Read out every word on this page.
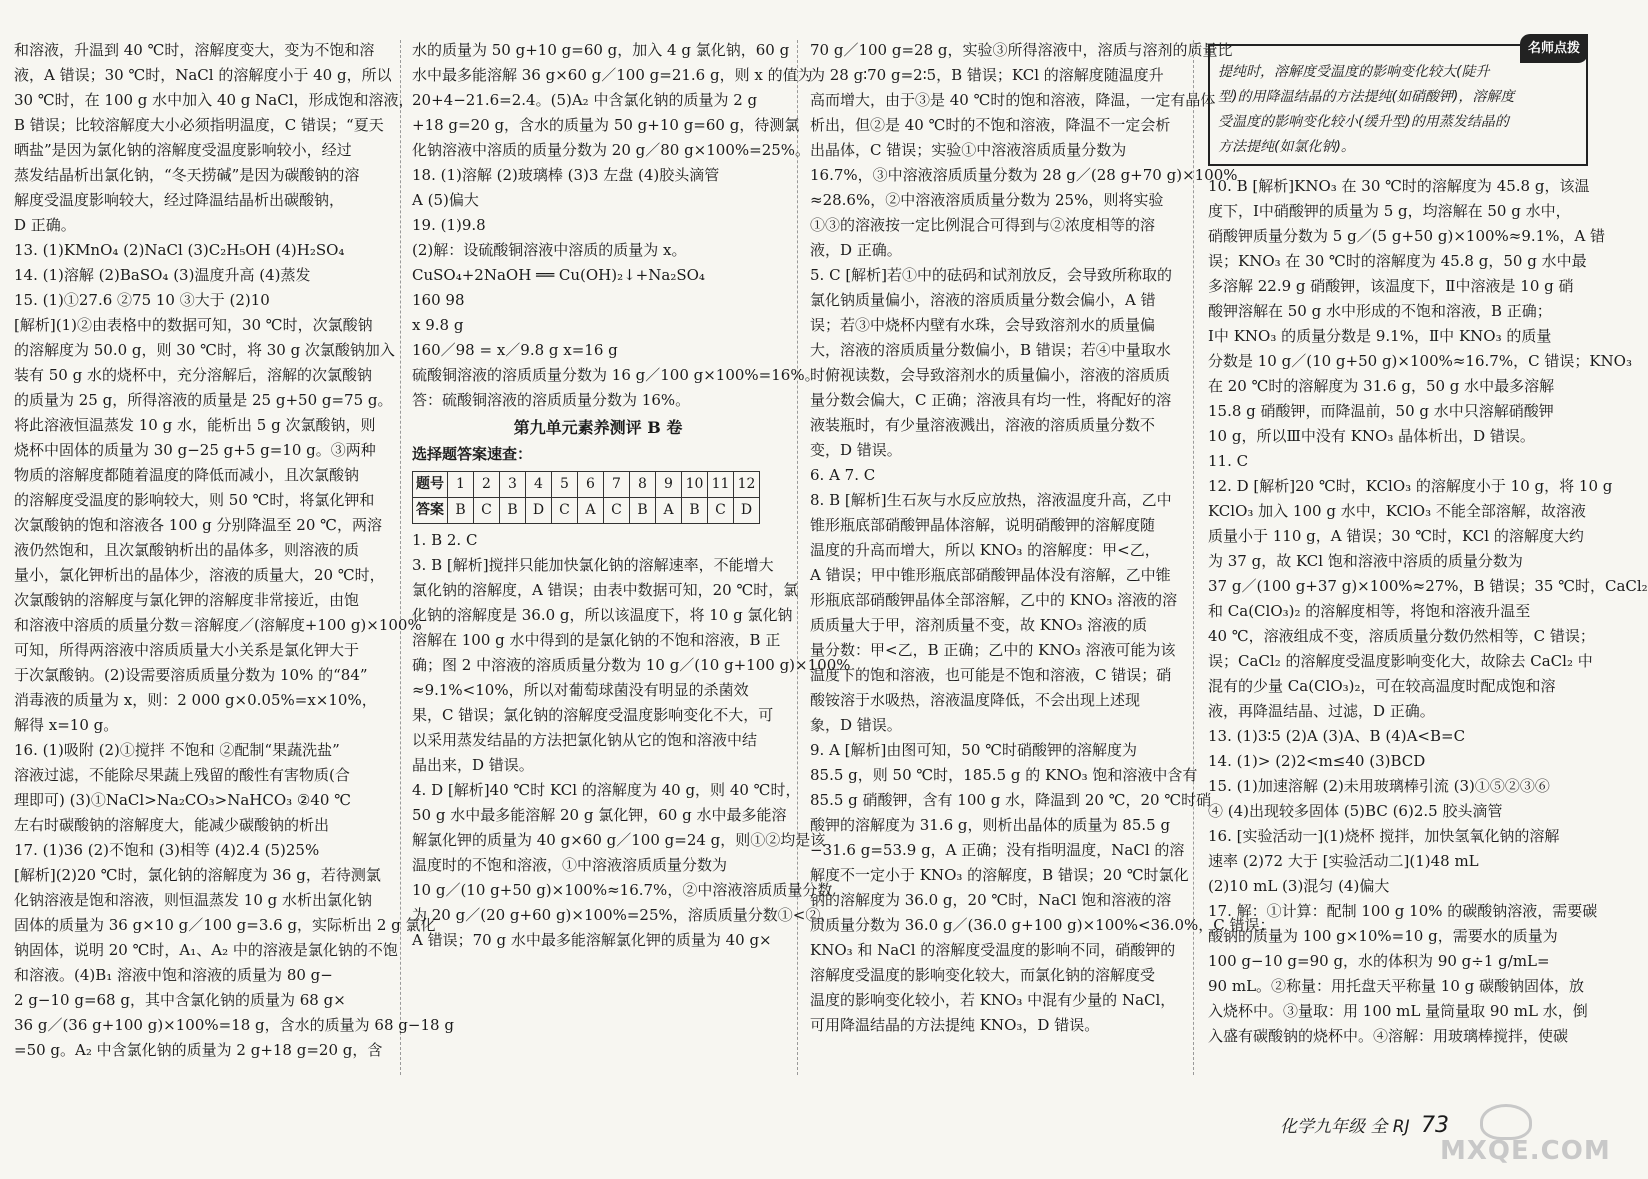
和溶液，升温到 40 ℃时，溶解度变大，变为不饱和溶
液，A 错误；30 ℃时，NaCl 的溶解度小于 40 g，所以
30 ℃时，在 100 g 水中加入 40 g NaCl，形成饱和溶液，
B 错误；比较溶解度大小必须指明温度，C 错误；“夏天
晒盐”是因为氯化钠的溶解度受温度影响较小，经过
蒸发结晶析出氯化钠，“冬天捞碱”是因为碳酸钠的溶
解度受温度影响较大，经过降温结晶析出碳酸钠，
D 正确。
13. (1)KMnO₄ (2)NaCl (3)C₂H₅OH (4)H₂SO₄
14. (1)溶解 (2)BaSO₄ (3)温度升高 (4)蒸发
15. (1)①27.6 ②75 10 ③大于 (2)10
[解析](1)②由表格中的数据可知，30 ℃时，次氯酸钠
的溶解度为 50.0 g，则 30 ℃时，将 30 g 次氯酸钠加入
装有 50 g 水的烧杯中，充分溶解后，溶解的次氯酸钠
的质量为 25 g，所得溶液的质量是 25 g+50 g=75 g。
将此溶液恒温蒸发 10 g 水，能析出 5 g 次氯酸钠，则
烧杯中固体的质量为 30 g−25 g+5 g=10 g。③两种
物质的溶解度都随着温度的降低而减小，且次氯酸钠
的溶解度受温度的影响较大，则 50 ℃时，将氯化钾和
次氯酸钠的饱和溶液各 100 g 分别降温至 20 ℃，两溶
液仍然饱和，且次氯酸钠析出的晶体多，则溶液的质
量小，氯化钾析出的晶体少，溶液的质量大，20 ℃时，
次氯酸钠的溶解度与氯化钾的溶解度非常接近，由饱
和溶液中溶质的质量分数＝溶解度／(溶解度+100 g)×100%
可知，所得两溶液中溶质质量大小关系是氯化钾大于
于次氯酸钠。(2)设需要溶质质量分数为 10% 的“84”
消毒液的质量为 x，则：2 000 g×0.05%=x×10%，
解得 x=10 g。
16. (1)吸附 (2)①搅拌 不饱和 ②配制“果蔬洗盐”
溶液过滤，不能除尽果蔬上残留的酸性有害物质(合
理即可) (3)①NaCl>Na₂CO₃>NaHCO₃ ②40 ℃
左右时碳酸钠的溶解度大，能减少碳酸钠的析出
17. (1)36 (2)不饱和 (3)相等 (4)2.4 (5)25%
[解析](2)20 ℃时，氯化钠的溶解度为 36 g，若待测氯
化钠溶液是饱和溶液，则恒温蒸发 10 g 水析出氯化钠
固体的质量为 36 g×10 g／100 g=3.6 g，实际析出 2 g 氯化
钠固体，说明 20 ℃时，A₁、A₂ 中的溶液是氯化钠的不饱
和溶液。(4)B₁ 溶液中饱和溶液的质量为 80 g−
2 g−10 g=68 g，其中含氯化钠的质量为 68 g×
36 g／(36 g+100 g)×100%=18 g，含水的质量为 68 g−18 g
=50 g。A₂ 中含氯化钠的质量为 2 g+18 g=20 g，含
水的质量为 50 g+10 g=60 g，加入 4 g 氯化钠，60 g
水中最多能溶解 36 g×60 g／100 g=21.6 g，则 x 的值为
20+4−21.6=2.4。(5)A₂ 中含氯化钠的质量为 2 g
+18 g=20 g，含水的质量为 50 g+10 g=60 g，待测氯
化钠溶液中溶质的质量分数为 20 g／80 g×100%=25%。
18. (1)溶解 (2)玻璃棒 (3)3 左盘 (4)胶头滴管
A (5)偏大
19. (1)9.8
(2)解：设硫酸铜溶液中溶质的质量为 x。
CuSO₄+2NaOH ══ Cu(OH)₂↓+Na₂SO₄
160 98
x 9.8 g
160／98 = x／9.8 g x=16 g
硫酸铜溶液的溶质质量分数为 16 g／100 g×100%=16%。
答：硫酸铜溶液的溶质质量分数为 16%。
第九单元素养测评 B 卷
选择题答案速查：
题号	1	2	3	4	5	6	7	8	9	10	11	12
答案	B	C	B	D	C	A	C	B	A	B	C	D
1. B 2. C
3. B [解析]搅拌只能加快氯化钠的溶解速率，不能增大
氯化钠的溶解度，A 错误；由表中数据可知，20 ℃时，氯
化钠的溶解度是 36.0 g，所以该温度下，将 10 g 氯化钠
溶解在 100 g 水中得到的是氯化钠的不饱和溶液，B 正
确；图 2 中溶液的溶质质量分数为 10 g／(10 g+100 g)×100%
≈9.1%<10%，所以对葡萄球菌没有明显的杀菌效
果，C 错误；氯化钠的溶解度受温度影响变化不大，可
以采用蒸发结晶的方法把氯化钠从它的饱和溶液中结
晶出来，D 错误。
4. D [解析]40 ℃时 KCl 的溶解度为 40 g，则 40 ℃时，
50 g 水中最多能溶解 20 g 氯化钾，60 g 水中最多能溶
解氯化钾的质量为 40 g×60 g／100 g=24 g，则①②均是该
温度时的不饱和溶液，①中溶液溶质质量分数为
10 g／(10 g+50 g)×100%≈16.7%，②中溶液溶质质量分数
为 20 g／(20 g+60 g)×100%=25%，溶质质量分数①<②，
A 错误；70 g 水中最多能溶解氯化钾的质量为 40 g×
70 g／100 g=28 g，实验③所得溶液中，溶质与溶剂的质量比
为 28 g∶70 g=2∶5，B 错误；KCl 的溶解度随温度升
高而增大，由于③是 40 ℃时的饱和溶液，降温，一定有晶体
析出，但②是 40 ℃时的不饱和溶液，降温不一定会析
出晶体，C 错误；实验①中溶液溶质质量分数为
16.7%，③中溶液溶质质量分数为 28 g／(28 g+70 g)×100%
≈28.6%，②中溶液溶质质量分数为 25%，则将实验
①③的溶液按一定比例混合可得到与②浓度相等的溶
液，D 正确。
5. C [解析]若①中的砝码和试剂放反，会导致所称取的
氯化钠质量偏小，溶液的溶质质量分数会偏小，A 错
误；若③中烧杯内壁有水珠，会导致溶剂水的质量偏
大，溶液的溶质质量分数偏小，B 错误；若④中量取水
时俯视读数，会导致溶剂水的质量偏小，溶液的溶质质
量分数会偏大，C 正确；溶液具有均一性，将配好的溶
液装瓶时，有少量溶液溅出，溶液的溶质质量分数不
变，D 错误。
6. A 7. C
8. B [解析]生石灰与水反应放热，溶液温度升高，乙中
锥形瓶底部硝酸钾晶体溶解，说明硝酸钾的溶解度随
温度的升高而增大，所以 KNO₃ 的溶解度：甲<乙，
A 错误；甲中锥形瓶底部硝酸钾晶体没有溶解，乙中锥
形瓶底部硝酸钾晶体全部溶解，乙中的 KNO₃ 溶液的溶
质质量大于甲，溶剂质量不变，故 KNO₃ 溶液的质
量分数：甲<乙，B 正确；乙中的 KNO₃ 溶液可能为该
温度下的饱和溶液，也可能是不饱和溶液，C 错误；硝
酸铵溶于水吸热，溶液温度降低，不会出现上述现
象，D 错误。
9. A [解析]由图可知，50 ℃时硝酸钾的溶解度为
85.5 g，则 50 ℃时，185.5 g 的 KNO₃ 饱和溶液中含有
85.5 g 硝酸钾，含有 100 g 水，降温到 20 ℃，20 ℃时硝
酸钾的溶解度为 31.6 g，则析出晶体的质量为 85.5 g
−31.6 g=53.9 g，A 正确；没有指明温度，NaCl 的溶
解度不一定小于 KNO₃ 的溶解度，B 错误；20 ℃时氯化
钠的溶解度为 36.0 g，20 ℃时，NaCl 饱和溶液的溶
质质量分数为 36.0 g／(36.0 g+100 g)×100%<36.0%，C 错误；
KNO₃ 和 NaCl 的溶解度受温度的影响不同，硝酸钾的
溶解度受温度的影响变化较大，而氯化钠的溶解度受
温度的影响变化较小，若 KNO₃ 中混有少量的 NaCl，
可用降温结晶的方法提纯 KNO₃，D 错误。
名师点拨
提纯时，溶解度受温度的影响变化较大(陡升
型)的用降温结晶的方法提纯(如硝酸钾)，溶解度
受温度的影响变化较小(缓升型)的用蒸发结晶的
方法提纯(如氯化钠)。
10. B [解析]KNO₃ 在 30 ℃时的溶解度为 45.8 g，该温
度下，Ⅰ中硝酸钾的质量为 5 g，均溶解在 50 g 水中，
硝酸钾质量分数为 5 g／(5 g+50 g)×100%≈9.1%，A 错
误；KNO₃ 在 30 ℃时的溶解度为 45.8 g，50 g 水中最
多溶解 22.9 g 硝酸钾，该温度下，Ⅱ中溶液是 10 g 硝
酸钾溶解在 50 g 水中形成的不饱和溶液，B 正确；
Ⅰ中 KNO₃ 的质量分数是 9.1%，Ⅱ中 KNO₃ 的质量
分数是 10 g／(10 g+50 g)×100%≈16.7%，C 错误；KNO₃
在 20 ℃时的溶解度为 31.6 g，50 g 水中最多溶解
15.8 g 硝酸钾，而降温前，50 g 水中只溶解硝酸钾
10 g，所以Ⅲ中没有 KNO₃ 晶体析出，D 错误。
11. C
12. D [解析]20 ℃时，KClO₃ 的溶解度小于 10 g，将 10 g
KClO₃ 加入 100 g 水中，KClO₃ 不能全部溶解，故溶液
质量小于 110 g，A 错误；30 ℃时，KCl 的溶解度大约
为 37 g，故 KCl 饱和溶液中溶质的质量分数为
37 g／(100 g+37 g)×100%≈27%，B 错误；35 ℃时，CaCl₂
和 Ca(ClO₃)₂ 的溶解度相等，将饱和溶液升温至
40 ℃，溶液组成不变，溶质质量分数仍然相等，C 错误；
误；CaCl₂ 的溶解度受温度影响变化大，故除去 CaCl₂ 中
混有的少量 Ca(ClO₃)₂，可在较高温度时配成饱和溶
液，再降温结晶、过滤，D 正确。
13. (1)3∶5 (2)A (3)A、B (4)A<B=C
14. (1)> (2)2<m≤40 (3)BCD
15. (1)加速溶解 (2)未用玻璃棒引流 (3)①⑤②③⑥
④ (4)出现较多固体 (5)BC (6)2.5 胶头滴管
16. [实验活动一](1)烧杯 搅拌，加快氢氧化钠的溶解
速率 (2)72 大于 [实验活动二](1)48 mL
(2)10 mL (3)混匀 (4)偏大
17. 解：①计算：配制 100 g 10% 的碳酸钠溶液，需要碳
酸钠的质量为 100 g×10%=10 g，需要水的质量为
100 g−10 g=90 g，水的体积为 90 g÷1 g/mL=
90 mL。②称量：用托盘天平称量 10 g 碳酸钠固体，放
入烧杯中。③量取：用 100 mL 量筒量取 90 mL 水，倒
入盛有碳酸钠的烧杯中。④溶解：用玻璃棒搅拌，使碳
化学九年级 全 RJ 73
MXQE.COM
